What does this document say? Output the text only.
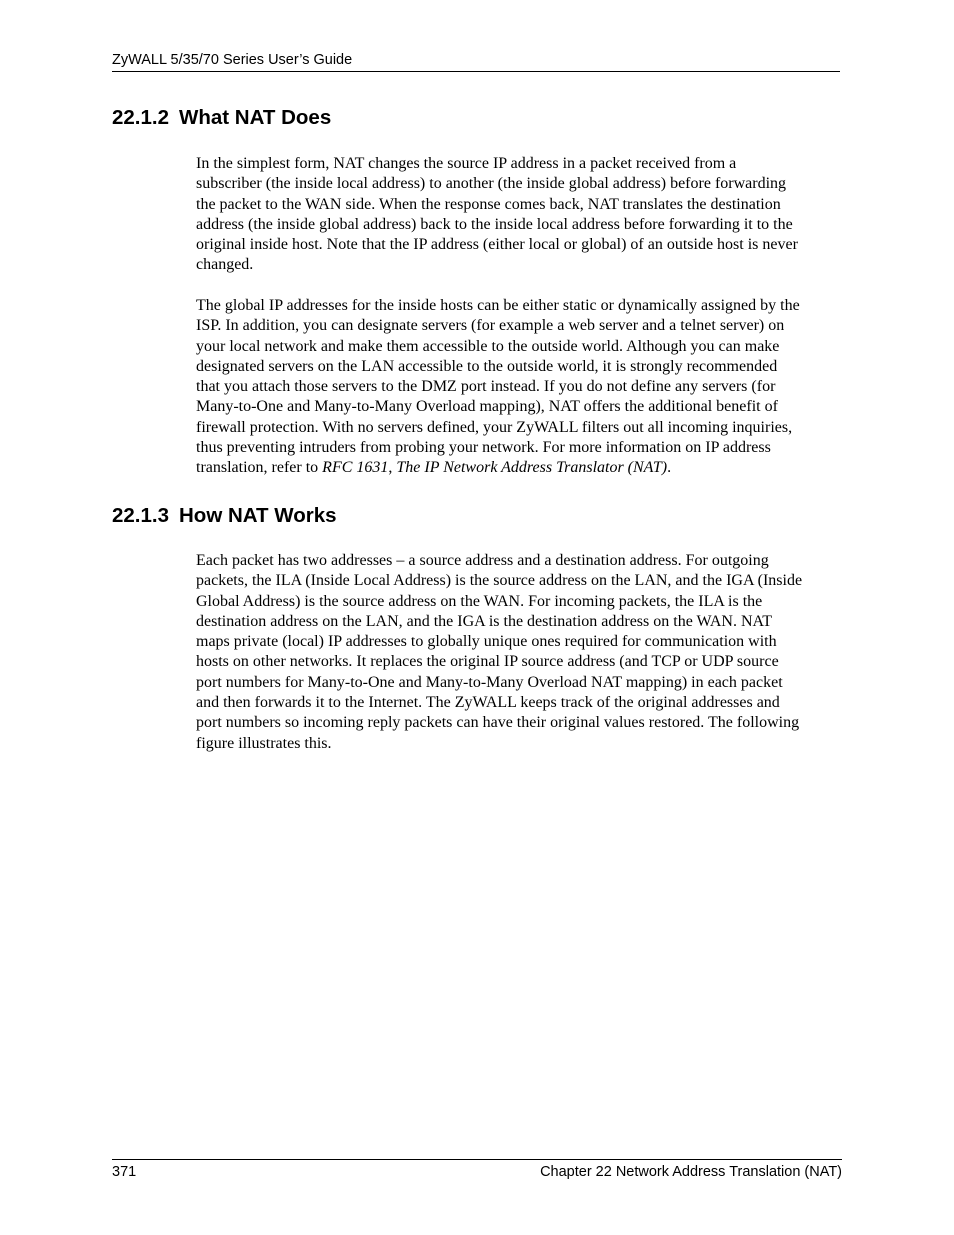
ZyWALL 5/35/70 Series User’s Guide
22.1.2 What NAT Does

In the simplest form, NAT changes the source IP address in a packet received from a
subscriber (the inside local address) to another (the inside global address) before forwarding
the packet to the WAN side. When the response comes back, NAT translates the destination
address (the inside global address) back to the inside local address before forwarding it to the
original inside host. Note that the IP address (either local or global) of an outside host is never
changed.

The global IP addresses for the inside hosts can be either static or dynamically assigned by the
ISP. In addition, you can designate servers (for example a web server and a telnet server) on
your local network and make them accessible to the outside world. Although you can make
designated servers on the LAN accessible to the outside world, it is strongly recommended
that you attach those servers to the DMZ port instead. If you do not define any servers (for
Many-to-One and Many-to-Many Overload mapping), NAT offers the additional benefit of
firewall protection. With no servers defined, your ZyWALL filters out all incoming inquiries,
thus preventing intruders from probing your network. For more information on IP address
translation, refer to RFC 1631, The IP Network Address Translator (NAT).

22.1.3 How NAT Works

Each packet has two addresses – a source address and a destination address. For outgoing
packets, the ILA (Inside Local Address) is the source address on the LAN, and the IGA (Inside
Global Address) is the source address on the WAN. For incoming packets, the ILA is the
destination address on the LAN, and the IGA is the destination address on the WAN. NAT
maps private (local) IP addresses to globally unique ones required for communication with
hosts on other networks. It replaces the original IP source address (and TCP or UDP source
port numbers for Many-to-One and Many-to-Many Overload NAT mapping) in each packet
and then forwards it to the Internet. The ZyWALL keeps track of the original addresses and
port numbers so incoming reply packets can have their original values restored. The following
figure illustrates this.

371	Chapter 22 Network Address Translation (NAT)
